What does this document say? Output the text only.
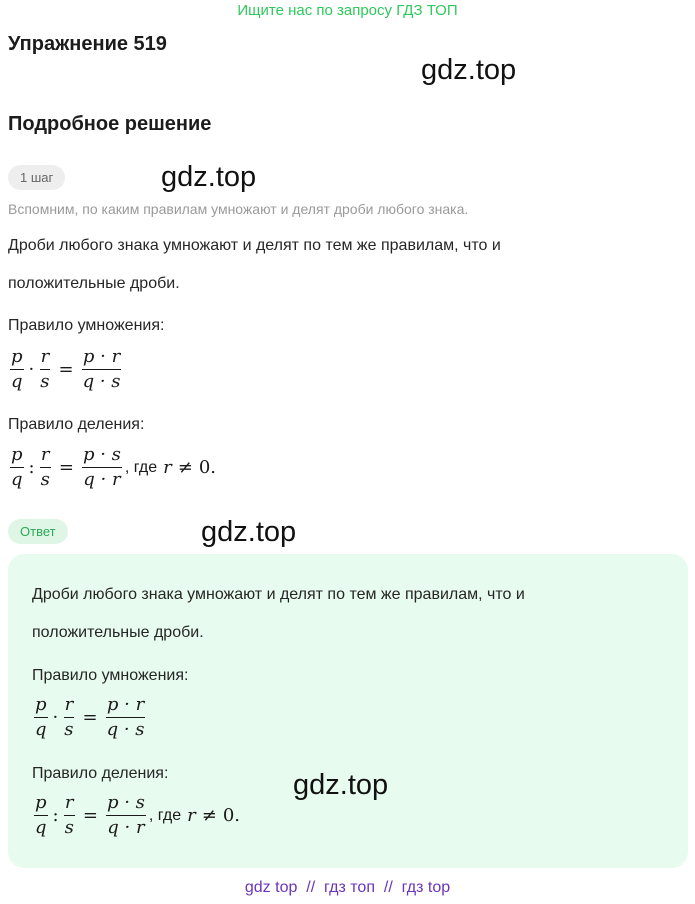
Ищите нас по запросу ГДЗ ТОП
Упражнение 519
gdz.top
Подробное решение
1 шаг	gdz.top
Вспомним, по каким правилам умножают и делят дроби любого знака.
Дроби любого знака умножают и делят по тем же правилам, что и
положительные дроби.
Правило умножения:
$\frac{p}{q} \cdot \frac{r}{s} = \frac{p \cdot r}{q \cdot s}$
Правило деления:
$\frac{p}{q}$ : $\frac{r}{s} = \frac{p \cdot s}{q \cdot r}$ , где r ≠ 0.
Ответ	gdz.top
Дроби любого знака умножают и делят по тем же правилам, что и
положительные дроби.
Правило умножения:
$\frac{p}{q} \cdot \frac{r}{s} = \frac{p \cdot r}{q \cdot s}$
Правило деления:	gdz.top
$\frac{p}{q}$ : $\frac{r}{s} = \frac{p \cdot s}{q \cdot r}$ , где r ≠ 0.
gdz top  //  гдз топ  //  гдз top
